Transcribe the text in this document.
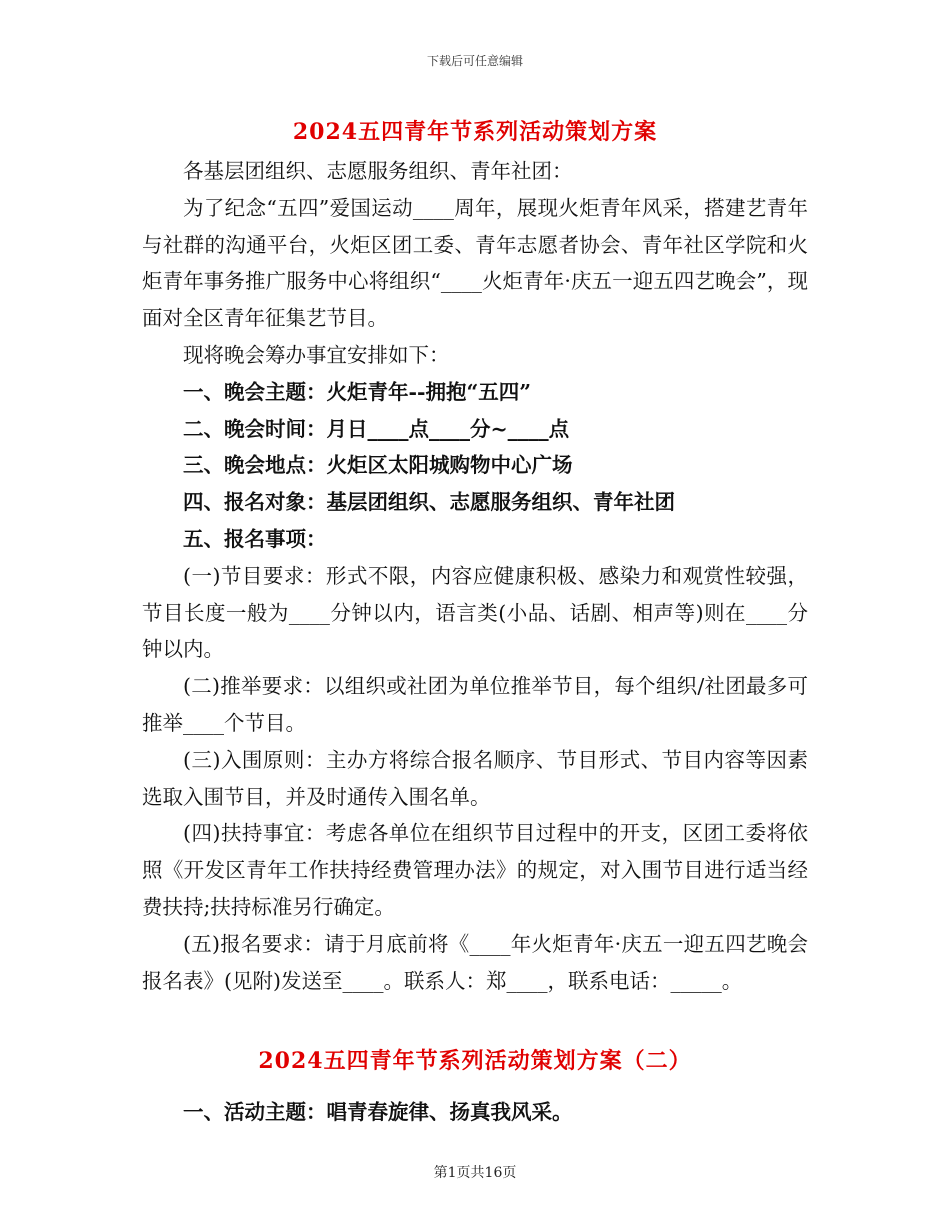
下载后可任意编辑
2024五四青年节系列活动策划方案

各基层团组织、志愿服务组织、青年社团：

为了纪念“五四”爱国运动____周年，展现火炬青年风采，搭建艺青年与社群的沟通平台，火炬区团工委、青年志愿者协会、青年社区学院和火炬青年事务推广服务中心将组织“____火炬青年·庆五一迎五四艺晚会”，现面对全区青年征集艺节目。

现将晚会筹办事宜安排如下：

一、晚会主题：火炬青年--拥抱“五四”

二、晚会时间：月日____点____分~____点

三、晚会地点：火炬区太阳城购物中心广场

四、报名对象：基层团组织、志愿服务组织、青年社团

五、报名事项：

(一)节目要求：形式不限，内容应健康积极、感染力和观赏性较强，节目长度一般为____分钟以内，语言类(小品、话剧、相声等)则在____分钟以内。

(二)推举要求：以组织或社团为单位推举节目，每个组织/社团最多可推举____个节目。

(三)入围原则：主办方将综合报名顺序、节目形式、节目内容等因素选取入围节目，并及时通传入围名单。

(四)扶持事宜：考虑各单位在组织节目过程中的开支，区团工委将依照《开发区青年工作扶持经费管理办法》的规定，对入围节目进行适当经费扶持;扶持标准另行确定。

(五)报名要求：请于月底前将《____年火炬青年·庆五一迎五四艺晚会报名表》(见附)发送至____。联系人：郑____，联系电话：_____。

2024五四青年节系列活动策划方案（二）

一、活动主题：唱青春旋律、扬真我风采。

第1页共16页
